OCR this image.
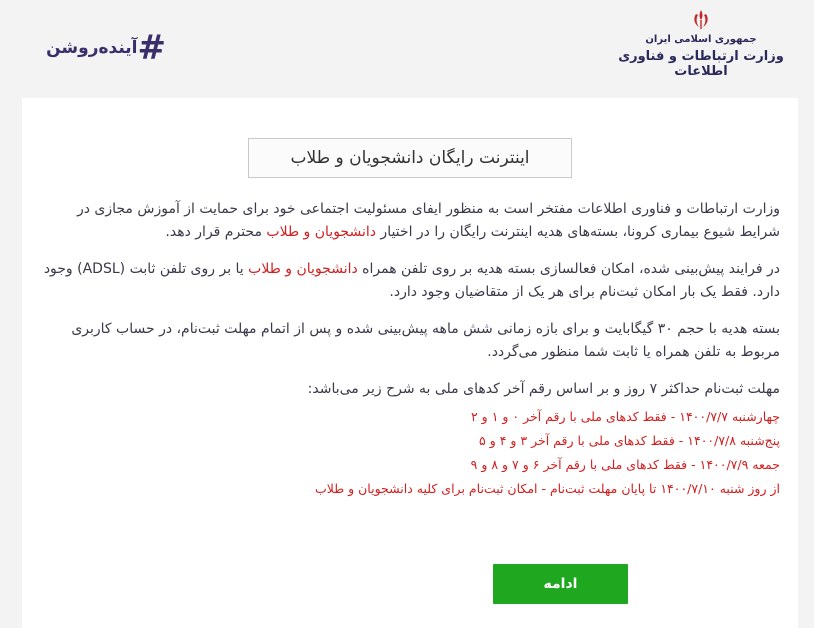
#
آینده‌روشن	جمهوری اسلامی ایران
وزارت ارتباطات و فناوری اطلاعات
اینترنت رایگان دانشجویان و طلاب

وزارت ارتباطات و فناوری اطلاعات مفتخر است به منظور ایفای مسئولیت اجتماعی خود برای حمایت از آموزش مجازی در شرایط شیوع بیماری کرونا، بسته‌های هدیه اینترنت رایگان را در اختیار دانشجویان و طلاب محترم قرار دهد.

در فرایند پیش‌بینی شده، امکان فعالسازی بسته هدیه بر روی تلفن همراه دانشجویان و طلاب یا بر روی تلفن ثابت (ADSL) وجود دارد. فقط یک بار امکان ثبت‌نام برای هر یک از متقاضیان وجود دارد.

بسته هدیه با حجم ۳۰ گیگابایت و برای بازه زمانی شش ماهه پیش‌بینی شده و پس از اتمام مهلت ثبت‌نام، در حساب کاربری مربوط به تلفن همراه یا ثابت شما منظور می‌گردد.

مهلت ثبت‌نام حداکثر ۷ روز و بر اساس رقم آخر کدهای ملی به شرح زیر می‌باشد:

چهارشنبه ۱۴۰۰/۷/۷ - فقط کدهای ملی با رقم آخر ۰ و ۱ و ۲
پنج‌شنبه ۱۴۰۰/۷/۸ - فقط کدهای ملی با رقم آخر ۳ و ۴ و ۵
جمعه ۱۴۰۰/۷/۹ - فقط کدهای ملی با رقم آخر ۶ و ۷ و ۸ و ۹
از روز شنبه ۱۴۰۰/۷/۱۰ تا پایان مهلت ثبت‌نام - امکان ثبت‌نام برای کلیه دانشجویان و طلاب
ادامه
